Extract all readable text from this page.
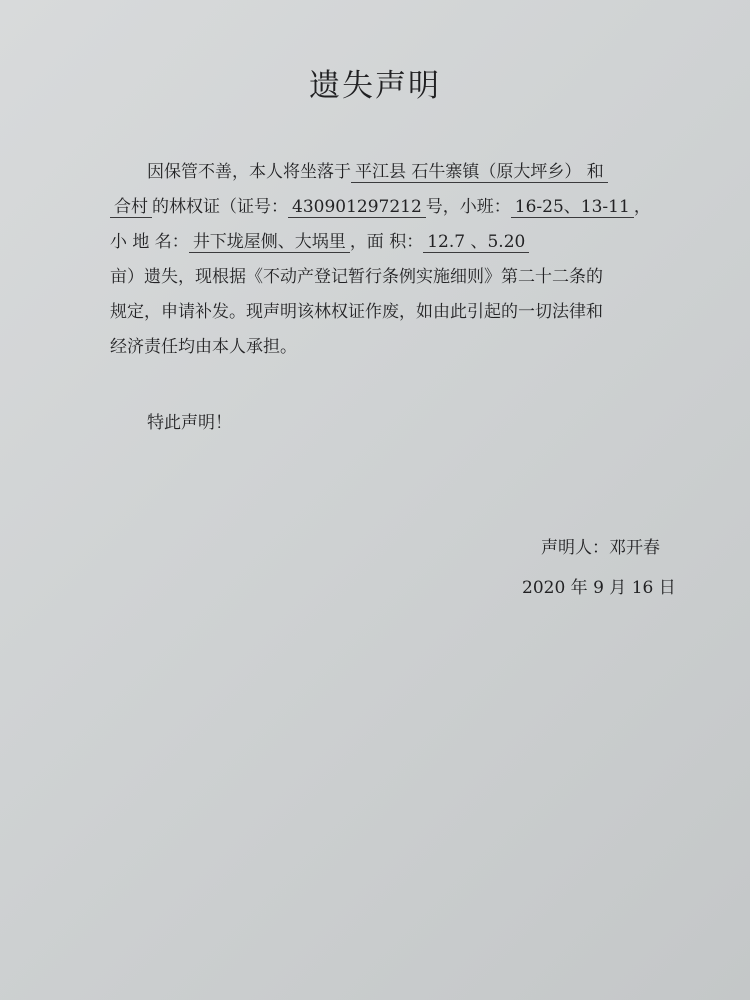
遗失声明
因保管不善，本人将坐落于 平江县 石牛寨镇（原大坪乡） 和
合村 的林权证（证号： 430901297212 号，小班： 16-25、13-11 ，
小 地 名： 井下垅屋侧、大埚里 ，面 积： 12.7 、5.20
亩）遗失，现根据《不动产登记暂行条例实施细则》第二十二条的
规定，申请补发。现声明该林权证作废，如由此引起的一切法律和
经济责任均由本人承担。
特此声明！
声明人：邓开春
2020 年 9 月 16 日
